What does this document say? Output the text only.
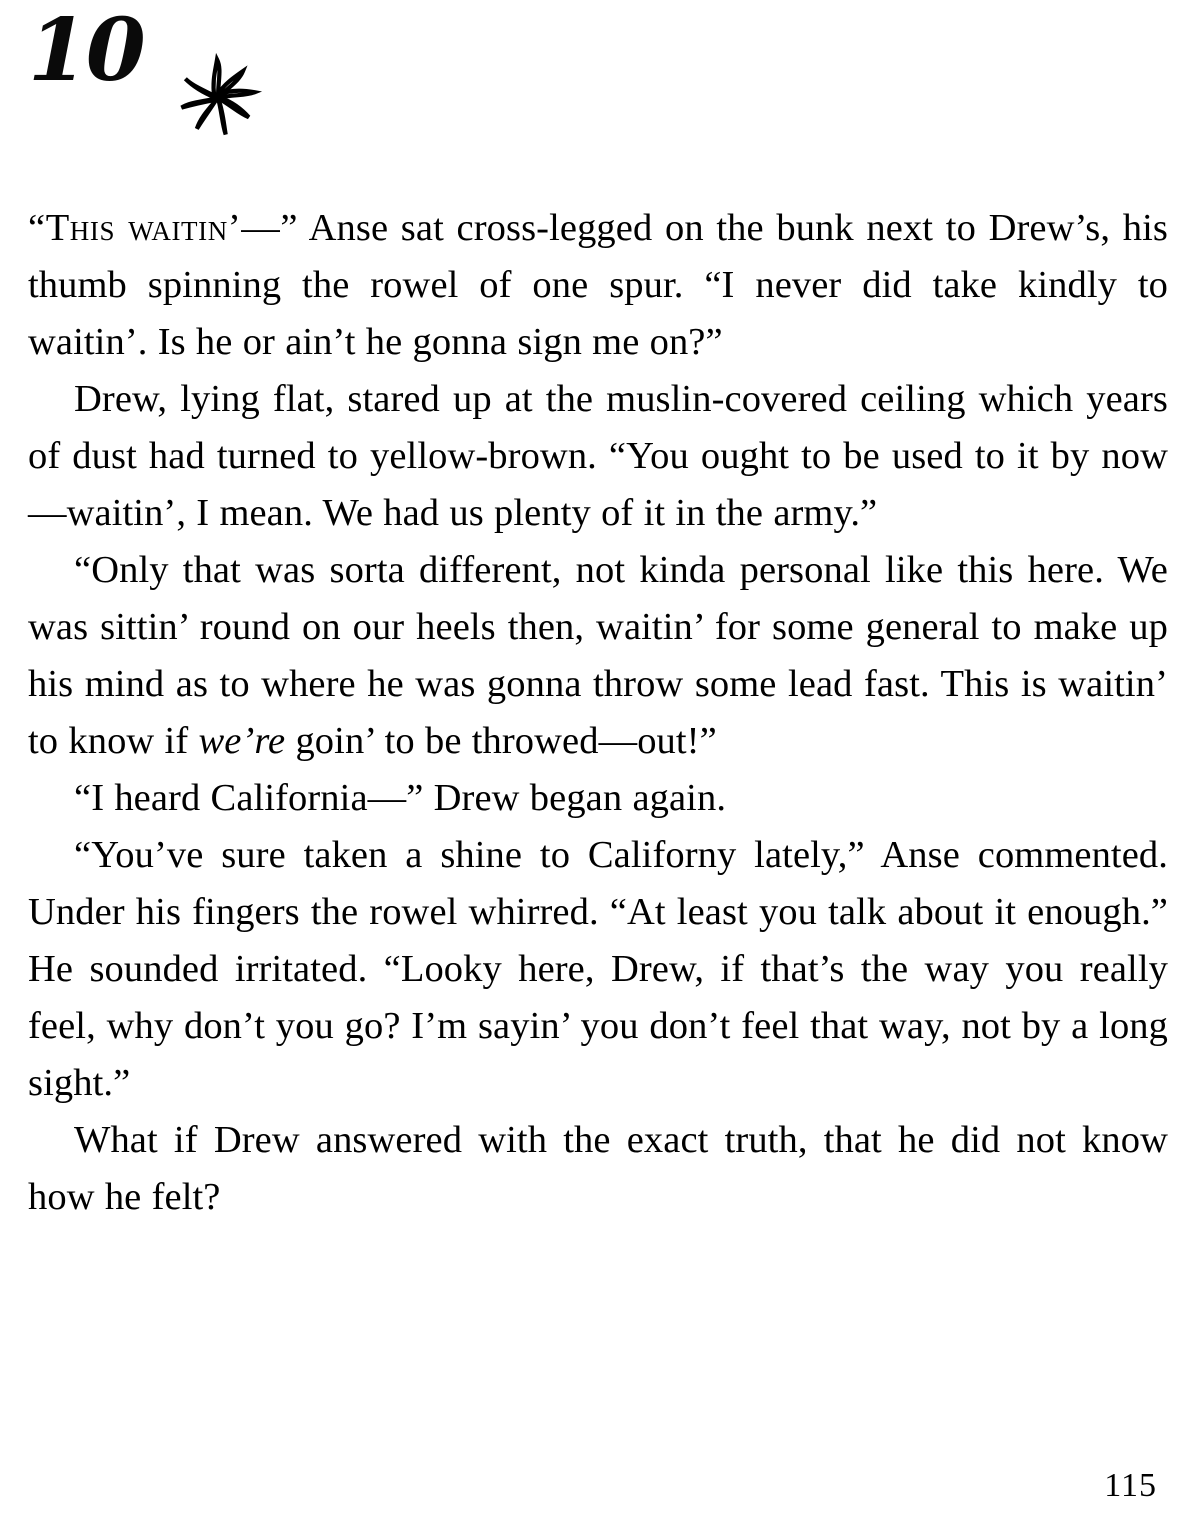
10

“This waitin’—” Anse sat cross-legged on the bunk next to Drew’s, his thumb spinning the rowel of one spur. “I never did take kindly to waitin’. Is he or ain’t he gonna sign me on?”

Drew, lying flat, stared up at the muslin-covered ceiling which years of dust had turned to yellow-brown. “You ought to be used to it by now—waitin’, I mean. We had us plenty of it in the army.”

“Only that was sorta different, not kinda personal like this here. We was sittin’ round on our heels then, waitin’ for some general to make up his mind as to where he was gonna throw some lead fast. This is waitin’ to know if we’re goin’ to be throwed—out!”

“I heard California—” Drew began again.

“You’ve sure taken a shine to Californy lately,” Anse commented. Under his fingers the rowel whirred. “At least you talk about it enough.” He sounded irritated. “Looky here, Drew, if that’s the way you really feel, why don’t you go? I’m sayin’ you don’t feel that way, not by a long sight.”

What if Drew answered with the exact truth, that he did not know how he felt?

115
